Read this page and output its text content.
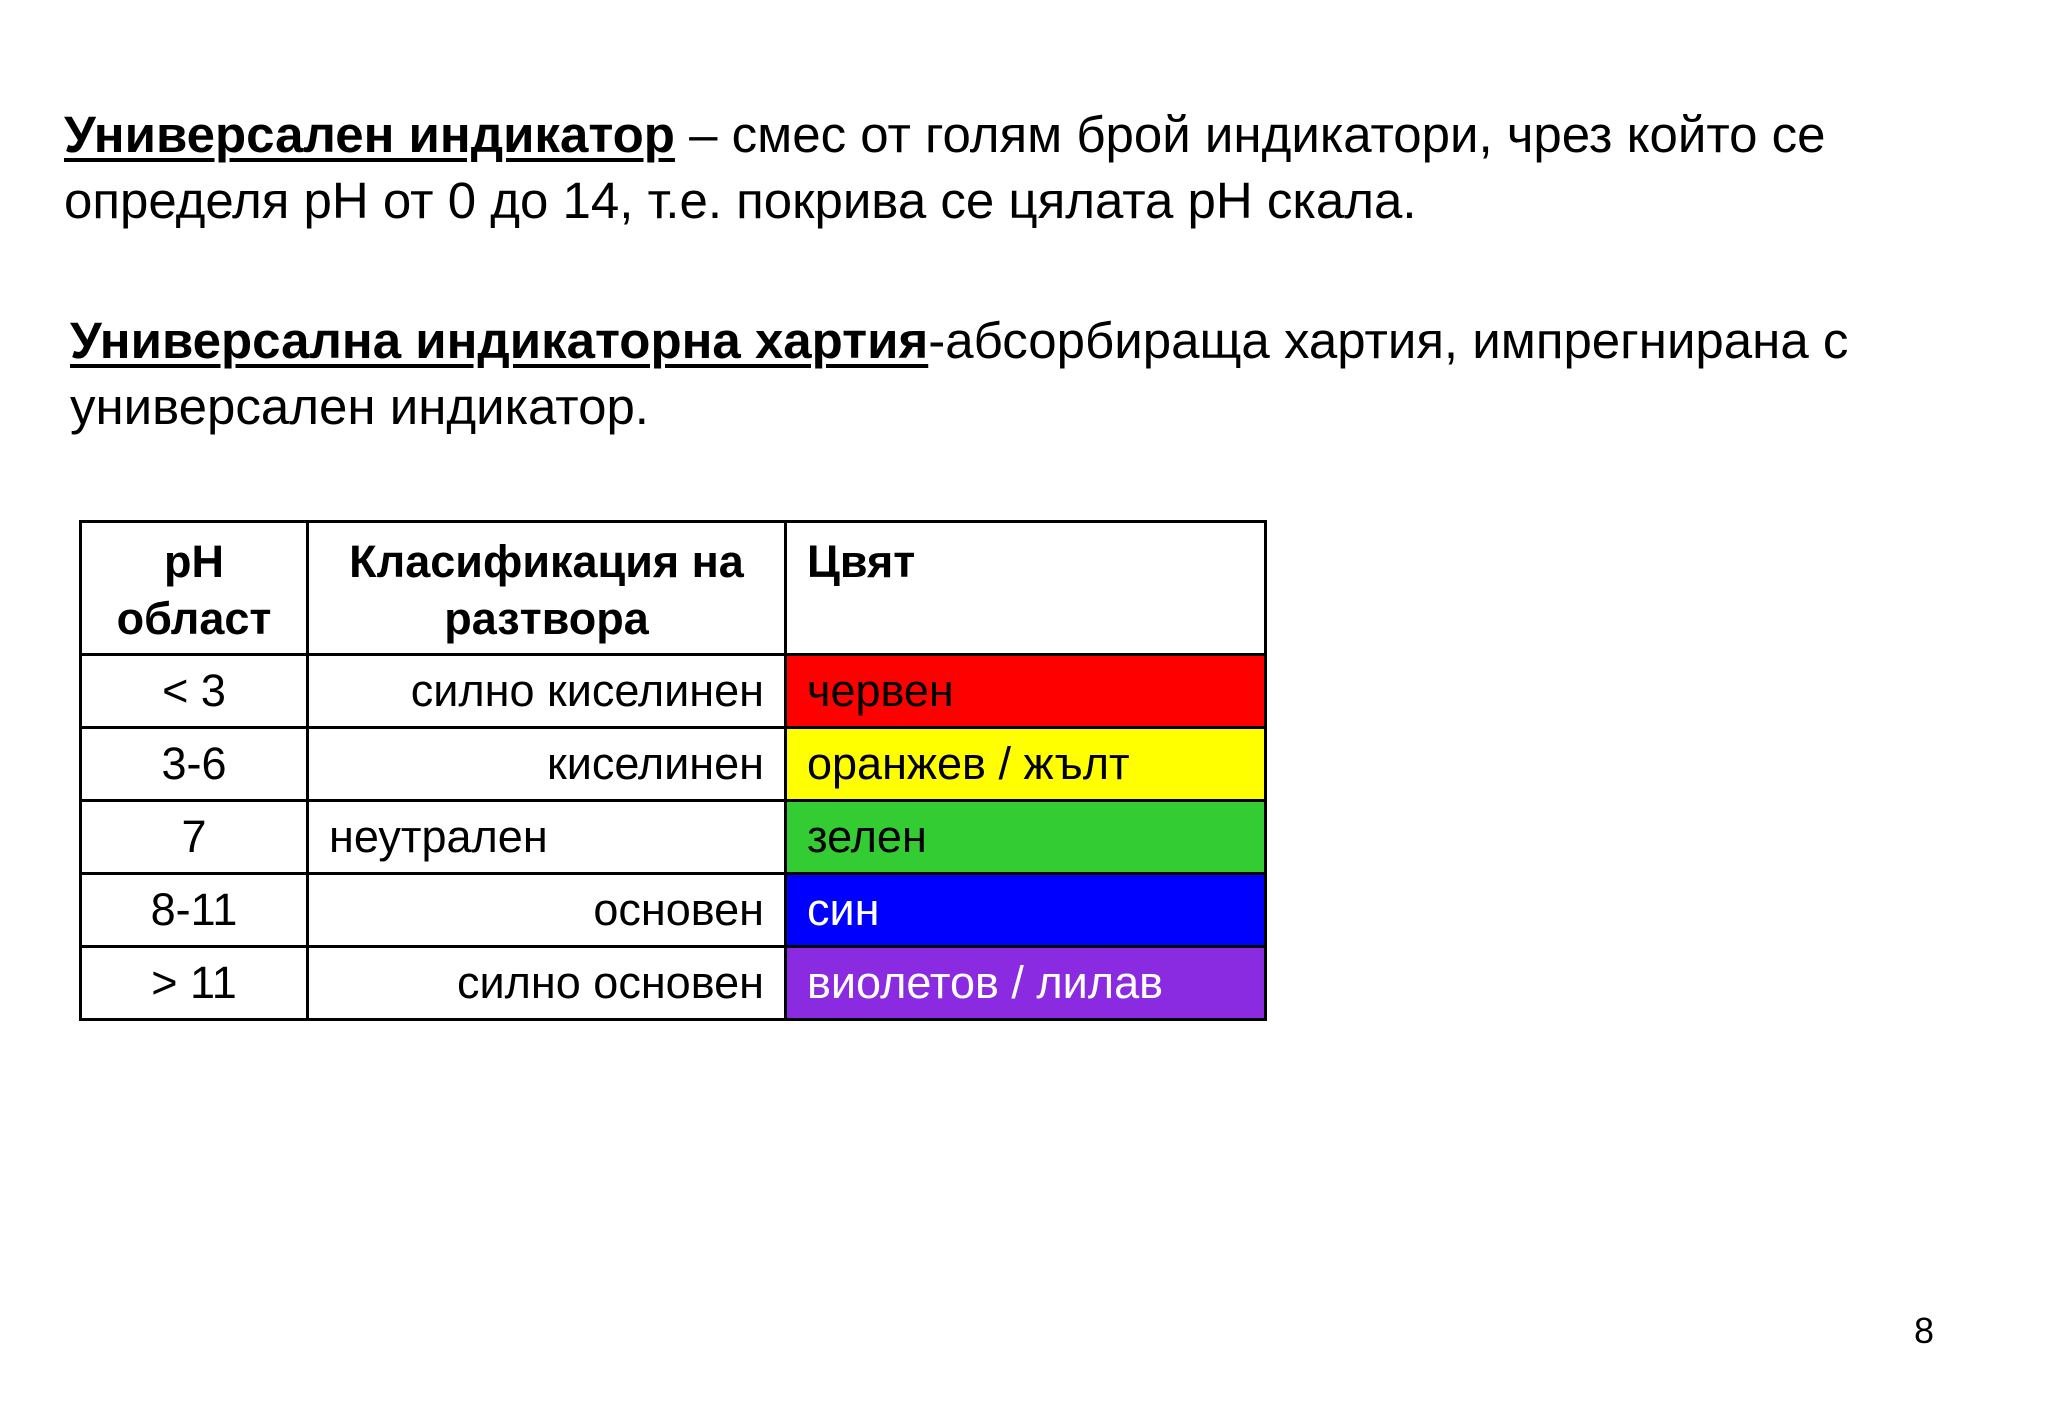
Универсален индикатор – смес от голям брой индикатори, чрез който се определя pH от 0 до 14, т.е. покрива се цялата pH скала.

Универсална индикаторна хартия-абсорбираща хартия, импрегнирана с универсален индикатор.

pH област	Класификация на разтвора	Цвят
< 3	силно киселинен	червен
3-6	киселинен	оранжев / жълт
7	неутрален	зелен
8-11	основен	син
> 11	силно основен	виолетов / лилав
8
